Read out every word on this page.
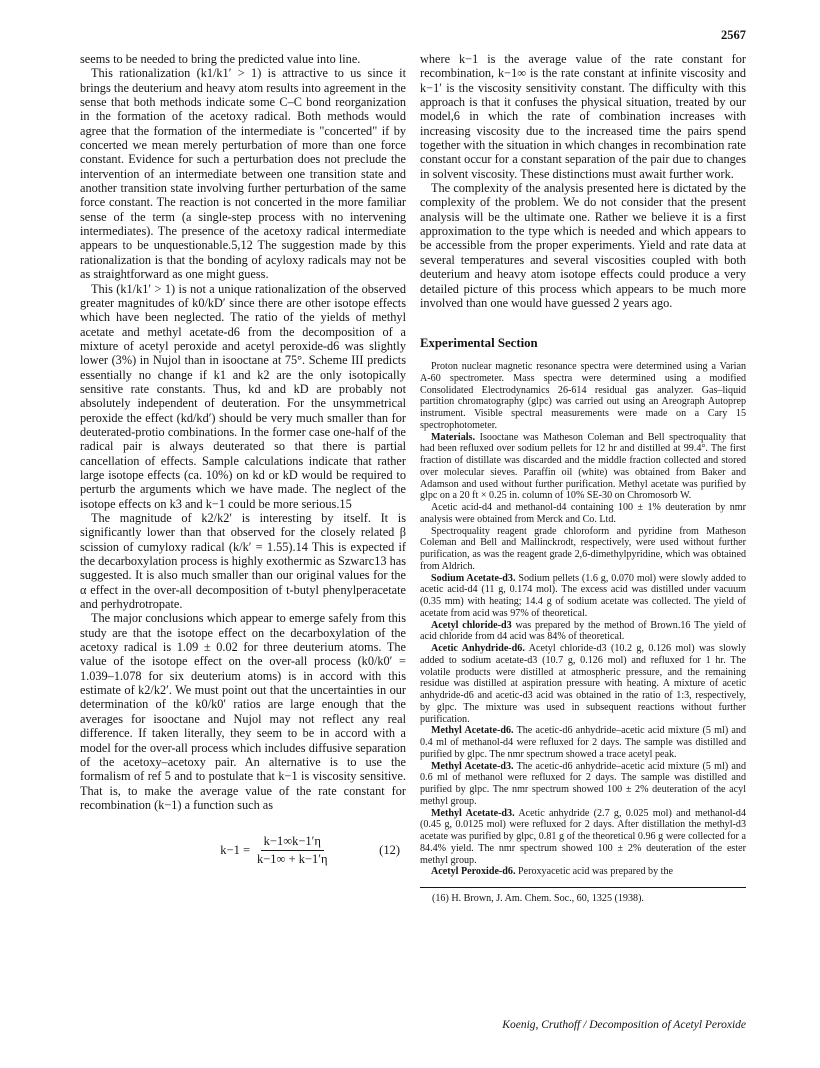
2567

seems to be needed to bring the predicted value into line.

This rationalization (k1/k1′ > 1) is attractive to us since it brings the deuterium and heavy atom results into agreement in the sense that both methods indicate some C–C bond reorganization in the formation of the acetoxy radical. Both methods would agree that the formation of the intermediate is "concerted" if by concerted we mean merely perturbation of more than one force constant. Evidence for such a perturbation does not preclude the intervention of an intermediate between one transition state and another transition state involving further perturbation of the same force constant. The reaction is not concerted in the more familiar sense of the term (a single-step process with no intervening intermediates). The presence of the acetoxy radical intermediate appears to be unquestionable.5,12 The suggestion made by this rationalization is that the bonding of acyloxy radicals may not be as straightforward as one might guess.

This (k1/k1′ > 1) is not a unique rationalization of the observed greater magnitudes of k0/kD′ since there are other isotope effects which have been neglected. The ratio of the yields of methyl acetate and methyl acetate-d6 from the decomposition of a mixture of acetyl peroxide and acetyl peroxide-d6 was slightly lower (3%) in Nujol than in isooctane at 75°. Scheme III predicts essentially no change if k1 and k2 are the only isotopically sensitive rate constants. Thus, kd and kD are probably not absolutely independent of deuteration. For the unsymmetrical peroxide the effect (kd/kd′) should be very much smaller than for deuterated-protio combinations. In the former case one-half of the radical pair is always deuterated so that there is partial cancellation of effects. Sample calculations indicate that rather large isotope effects (ca. 10%) on kd or kD would be required to perturb the arguments which we have made. The neglect of the isotope effects on k3 and k−1 could be more serious.15

The magnitude of k2/k2′ is interesting by itself. It is significantly lower than that observed for the closely related β scission of cumyloxy radical (k/k′ = 1.55).14 This is expected if the decarboxylation process is highly exothermic as Szwarc13 has suggested. It is also much smaller than our original values for the α effect in the over-all decomposition of t-butyl phenylperacetate and perhydrotropate.

The major conclusions which appear to emerge safely from this study are that the isotope effect on the decarboxylation of the acetoxy radical is 1.09 ± 0.02 for three deuterium atoms. The value of the isotope effect on the over-all process (k0/k0′ = 1.039–1.078 for six deuterium atoms) is in accord with this estimate of k2/k2′. We must point out that the uncertainties in our determination of the k0/k0′ ratios are large enough that the averages for isooctane and Nujol may not reflect any real difference. If taken literally, they seem to be in accord with a model for the over-all process which includes diffusive separation of the acetoxy–acetoxy pair. An alternative is to use the formalism of ref 5 and to postulate that k−1 is viscosity sensitive. That is, to make the average value of the rate constant for recombination (k−1) a function such as

$k-1 = \frac{k-1\infty k-1'\eta}{k-1\infty + k-1'\eta}$	(12)

where k−1 is the average value of the rate constant for recombination, k−1∞ is the rate constant at infinite viscosity and k−1′ is the viscosity sensitivity constant. The difficulty with this approach is that it confuses the physical situation, treated by our model,6 in which the rate of combination increases with increasing viscosity due to the increased time the pairs spend together with the situation in which changes in recombination rate constant occur for a constant separation of the pair due to changes in solvent viscosity. These distinctions must await further work.

The complexity of the analysis presented here is dictated by the complexity of the problem. We do not consider that the present analysis will be the ultimate one. Rather we believe it is a first approximation to the type which is needed and which appears to be accessible from the proper experiments. Yield and rate data at several temperatures and several viscosities coupled with both deuterium and heavy atom isotope effects could produce a very detailed picture of this process which appears to be much more involved than one would have guessed 2 years ago.

Experimental Section

Proton nuclear magnetic resonance spectra were determined using a Varian A-60 spectrometer. Mass spectra were determined using a modified Consolidated Electrodynamics 26-614 residual gas analyzer. Gas–liquid partition chromatography (glpc) was carried out using an Areograph Autoprep instrument. Visible spectral measurements were made on a Cary 15 spectrophotometer.

Materials. Isooctane was Matheson Coleman and Bell spectroquality that had been refluxed over sodium pellets for 12 hr and distilled at 99.4°. The first fraction of distillate was discarded and the middle fraction collected and stored over molecular sieves. Paraffin oil (white) was obtained from Baker and Adamson and used without further purification. Methyl acetate was purified by glpc on a 20 ft × 0.25 in. column of 10% SE-30 on Chromosorb W.

Acetic acid-d4 and methanol-d4 containing 100 ± 1% deuteration by nmr analysis were obtained from Merck and Co. Ltd.

Spectroquality reagent grade chloroform and pyridine from Matheson Coleman and Bell and Mallinckrodt, respectively, were used without further purification, as was the reagent grade 2,6-dimethylpyridine, which was obtained from Aldrich.

Sodium Acetate-d3. Sodium pellets (1.6 g, 0.070 mol) were slowly added to acetic acid-d4 (11 g, 0.174 mol). The excess acid was distilled under vacuum (0.35 mm) with heating; 14.4 g of sodium acetate was collected. The yield of acetate from acid was 97% of theoretical.

Acetyl chloride-d3 was prepared by the method of Brown.16 The yield of acid chloride from d4 acid was 84% of theoretical.

Acetic Anhydride-d6. Acetyl chloride-d3 (10.2 g, 0.126 mol) was slowly added to sodium acetate-d3 (10.7 g, 0.126 mol) and refluxed for 1 hr. The volatile products were distilled at atmospheric pressure, and the remaining residue was distilled at aspiration pressure with heating. A mixture of acetic anhydride-d6 and acetic-d3 acid was obtained in the ratio of 1:3, respectively, by glpc. The mixture was used in subsequent reactions without further purification.

Methyl Acetate-d6. The acetic-d6 anhydride–acetic acid mixture (5 ml) and 0.4 ml of methanol-d4 were refluxed for 2 days. The sample was distilled and purified by glpc. The nmr spectrum showed a trace acetyl peak.

Methyl Acetate-d3. The acetic-d6 anhydride–acetic acid mixture (5 ml) and 0.6 ml of methanol were refluxed for 2 days. The sample was distilled and purified by glpc. The nmr spectrum showed 100 ± 2% deuteration of the acyl methyl group.

Methyl Acetate-d3. Acetic anhydride (2.7 g, 0.025 mol) and methanol-d4 (0.45 g, 0.0125 mol) were refluxed for 2 days. After distillation the methyl-d3 acetate was purified by glpc, 0.81 g of the theoretical 0.96 g were collected for a 84.4% yield. The nmr spectrum showed 100 ± 2% deuteration of the ester methyl group.

Acetyl Peroxide-d6. Peroxyacetic acid was prepared by the

(16) H. Brown, J. Am. Chem. Soc., 60, 1325 (1938).
Koenig, Cruthoff / Decomposition of Acetyl Peroxide
